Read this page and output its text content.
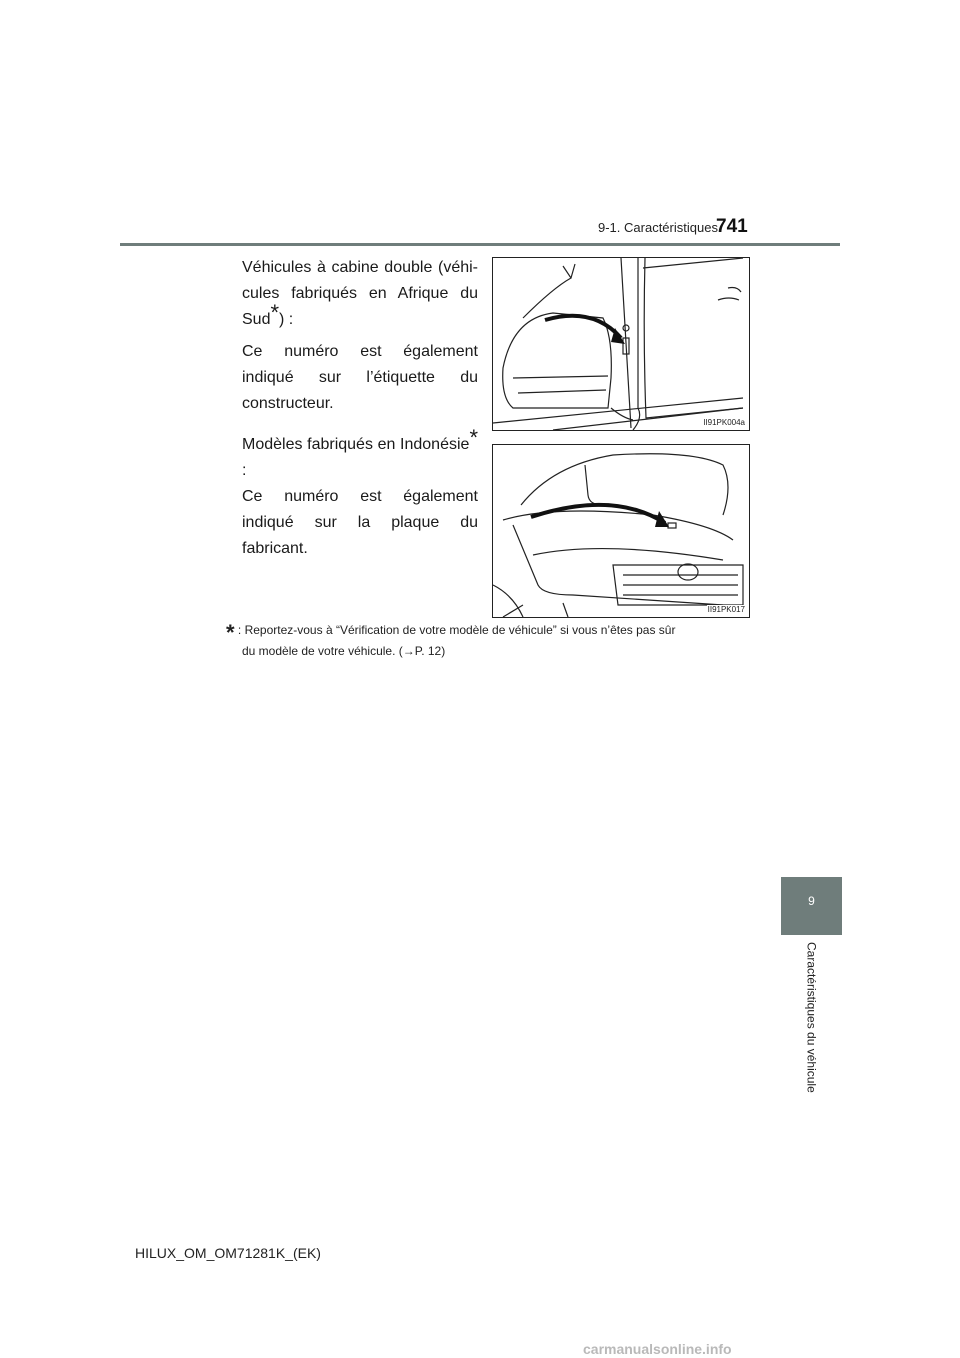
9-1. Caractéristiques
741

Véhicules à cabine double (véhi- cules fabriqués en Afrique du Sud*) :

Ce numéro est également indiqué sur l’étiquette du constructeur.

Modèles fabriqués en Indonésie* :

Ce numéro est également indiqué sur la plaque du fabricant.

II91PK004a
II91PK017
* : Reportez-vous à “Vérification de votre modèle de véhicule” si vous n’êtes pas sûr
du modèle de votre véhicule. (→P. 12)
9
Caractéristiques du véhicule
HILUX_OM_OM71281K_(EK)
carmanualsonline.info
